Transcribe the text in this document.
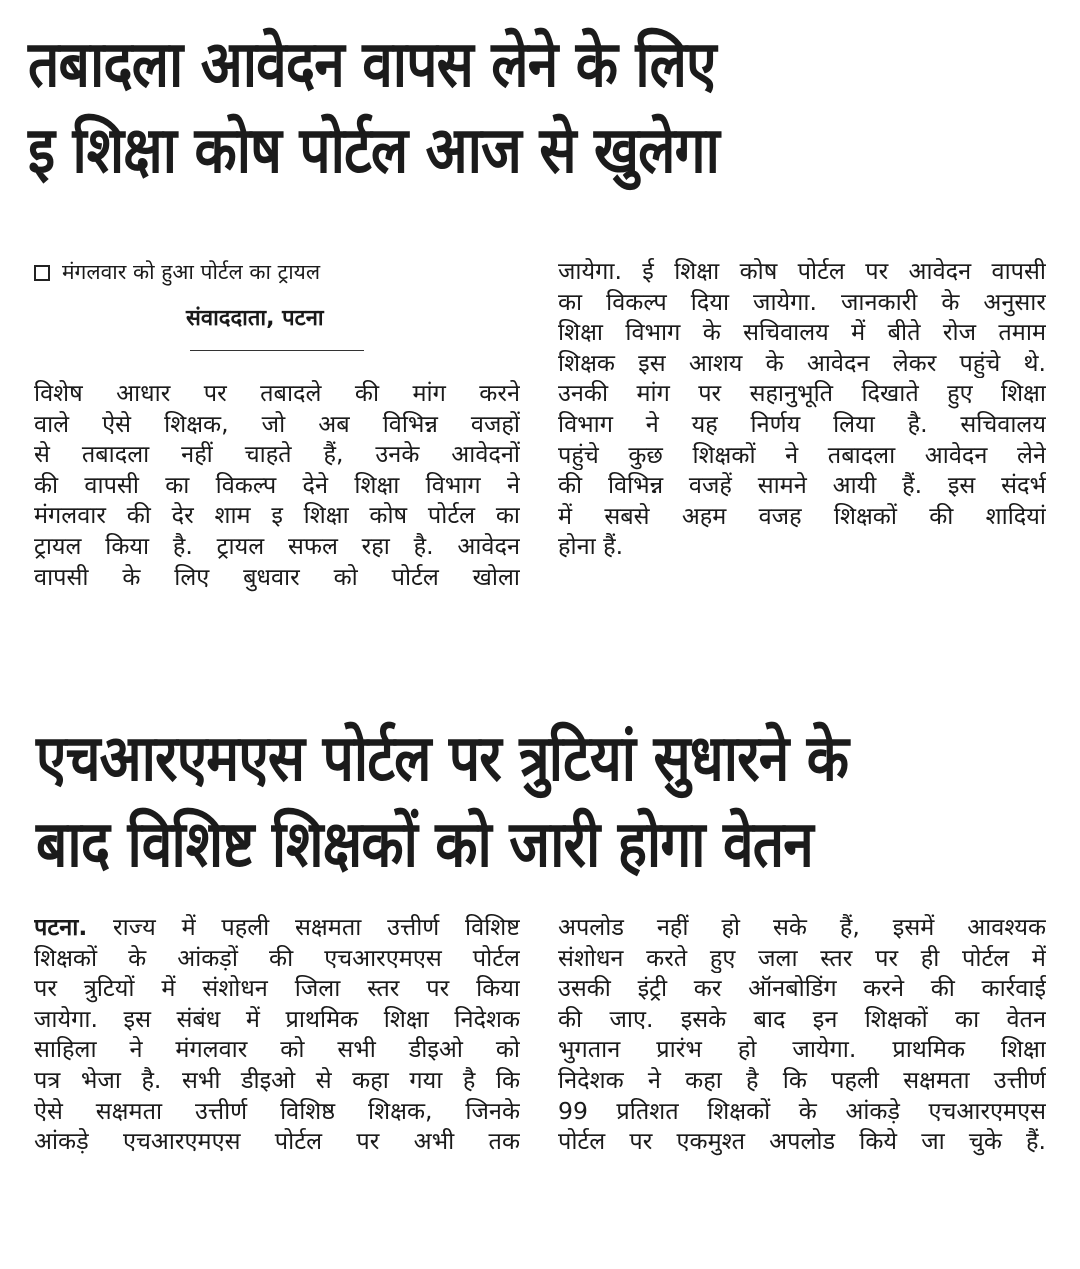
तबादला आवेदन वापस लेने के लिए
इ शिक्षा कोष पोर्टल आज से खुलेगा
मंगलवार को हुआ पोर्टल का ट्रायल
संवाददाता, पटना
विशेष आधार पर तबादले की मांग करने
वाले ऐसे शिक्षक, जो अब विभिन्न वजहों
से तबादला नहीं चाहते हैं, उनके आवेदनों
की वापसी का विकल्प देने शिक्षा विभाग ने
मंगलवार की देर शाम इ शिक्षा कोष पोर्टल का
ट्रायल किया है. ट्रायल सफल रहा है. आवेदन
वापसी के लिए बुधवार को पोर्टल खोला
जायेगा. ई शिक्षा कोष पोर्टल पर आवेदन वापसी
का विकल्प दिया जायेगा. जानकारी के अनुसार
शिक्षा विभाग के सचिवालय में बीते रोज तमाम
शिक्षक इस आशय के आवेदन लेकर पहुंचे थे.
उनकी मांग पर सहानुभूति दिखाते हुए शिक्षा
विभाग ने यह निर्णय लिया है. सचिवालय
पहुंचे कुछ शिक्षकों ने तबादला आवेदन लेने
की विभिन्न वजहें सामने आयी हैं. इस संदर्भ
में सबसे अहम वजह शिक्षकों की शादियां
होना हैं.
एचआरएमएस पोर्टल पर त्रुटियां सुधारने के
बाद विशिष्ट शिक्षकों को जारी होगा वेतन
पटना. राज्य में पहली सक्षमता उत्तीर्ण विशिष्ट
शिक्षकों के आंकड़ों की एचआरएमएस पोर्टल
पर त्रुटियों में संशोधन जिला स्तर पर किया
जायेगा. इस संबंध में प्राथमिक शिक्षा निदेशक
साहिला ने मंगलवार को सभी डीइओ को
पत्र भेजा है. सभी डीइओ से कहा गया है कि
ऐसे सक्षमता उत्तीर्ण विशिष्ठ शिक्षक, जिनके
आंकड़े एचआरएमएस पोर्टल पर अभी तक
अपलोड नहीं हो सके हैं, इसमें आवश्यक
संशोधन करते हुए जला स्तर पर ही पोर्टल में
उसकी इंट्री कर ऑनबोडिंग करने की कार्रवाई
की जाए. इसके बाद इन शिक्षकों का वेतन
भुगतान प्रारंभ हो जायेगा. प्राथमिक शिक्षा
निदेशक ने कहा है कि पहली सक्षमता उत्तीर्ण
99 प्रतिशत शिक्षकों के आंकड़े एचआरएमएस
पोर्टल पर एकमुश्त अपलोड किये जा चुके हैं.
